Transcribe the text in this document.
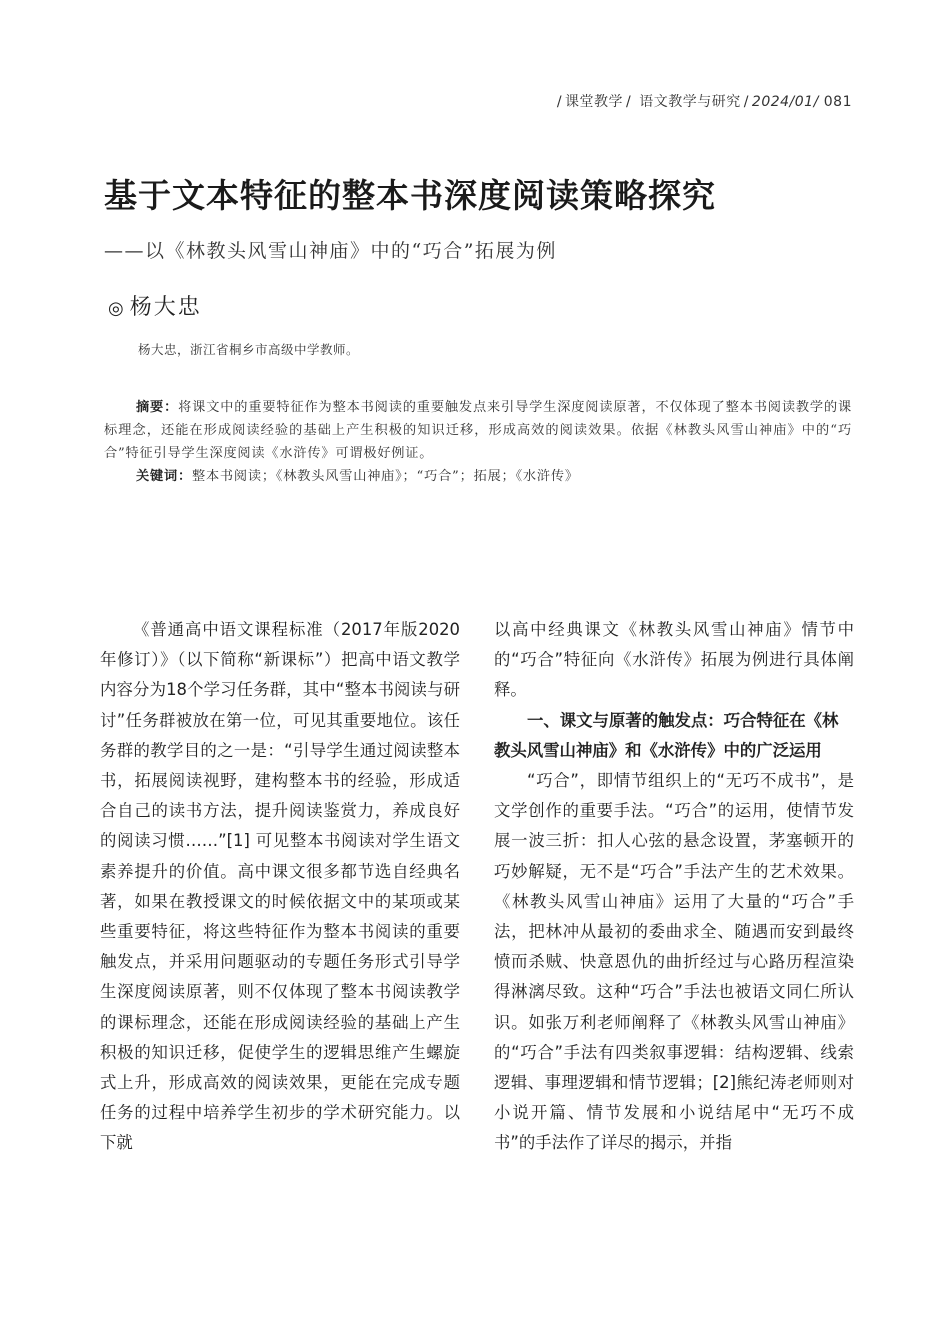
/ 课堂教学 / 语文教学与研究 / 2024/01/ 081
基于文本特征的整本书深度阅读策略探究
——以《林教头风雪山神庙》中的“巧合”拓展为例
◎ 杨大忠
杨大忠，浙江省桐乡市高级中学教师。

摘要：将课文中的重要特征作为整本书阅读的重要触发点来引导学生深度阅读原著，不仅体现了整本书阅读教学的课标理念，还能在形成阅读经验的基础上产生积极的知识迁移，形成高效的阅读效果。依据《林教头风雪山神庙》中的“巧合”特征引导学生深度阅读《水浒传》可谓极好例证。

关键词：整本书阅读；《林教头风雪山神庙》；“巧合”；拓展；《水浒传》

《普通高中语文课程标准（2017年版2020年修订）》（以下简称“新课标”）把高中语文教学内容分为18个学习任务群，其中“整本书阅读与研讨”任务群被放在第一位，可见其重要地位。该任务群的教学目的之一是：“引导学生通过阅读整本书，拓展阅读视野，建构整本书的经验，形成适合自己的读书方法，提升阅读鉴赏力，养成良好的阅读习惯……”[1] 可见整本书阅读对学生语文素养提升的价值。高中课文很多都节选自经典名著，如果在教授课文的时候依据文中的某项或某些重要特征，将这些特征作为整本书阅读的重要触发点，并采用问题驱动的专题任务形式引导学生深度阅读原著，则不仅体现了整本书阅读教学的课标理念，还能在形成阅读经验的基础上产生积极的知识迁移，促使学生的逻辑思维产生螺旋式上升，形成高效的阅读效果，更能在完成专题任务的过程中培养学生初步的学术研究能力。以下就

以高中经典课文《林教头风雪山神庙》情节中的“巧合”特征向《水浒传》拓展为例进行具体阐释。

一、课文与原著的触发点：巧合特征在《林教头风雪山神庙》和《水浒传》中的广泛运用

“巧合”，即情节组织上的“无巧不成书”，是文学创作的重要手法。“巧合”的运用，使情节发展一波三折：扣人心弦的悬念设置，茅塞顿开的巧妙解疑，无不是“巧合”手法产生的艺术效果。《林教头风雪山神庙》运用了大量的“巧合”手法，把林冲从最初的委曲求全、随遇而安到最终愤而杀贼、快意恩仇的曲折经过与心路历程渲染得淋漓尽致。这种“巧合”手法也被语文同仁所认识。如张万利老师阐释了《林教头风雪山神庙》的“巧合”手法有四类叙事逻辑：结构逻辑、线索逻辑、事理逻辑和情节逻辑；[2]熊纪涛老师则对小说开篇、情节发展和小说结尾中“无巧不成书”的手法作了详尽的揭示，并指
